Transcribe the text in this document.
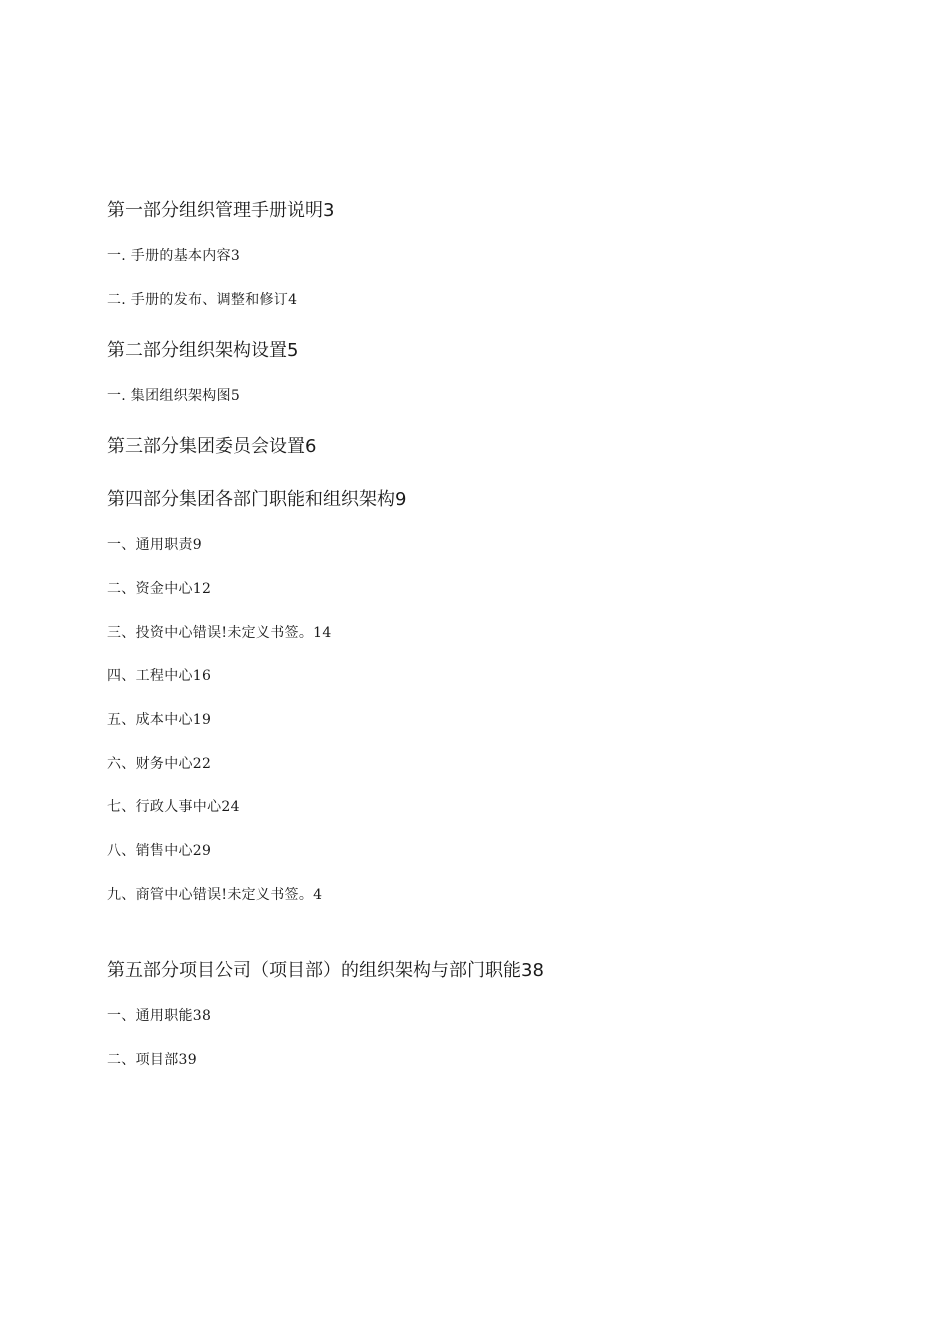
第一部分组织管理手册说明3
一. 手册的基本内容3
二. 手册的发布、调整和修订4
第二部分组织架构设置5
一. 集团组织架构图5
第三部分集团委员会设置6
第四部分集团各部门职能和组织架构9
一、通用职责9
二、资金中心12
三、投资中心错误!未定义书签。14
四、工程中心16
五、成本中心19
六、财务中心22
七、行政人事中心24
八、销售中心29
九、商管中心错误!未定义书签。4
第五部分项目公司（项目部）的组织架构与部门职能38
一、通用职能38
二、项目部39
